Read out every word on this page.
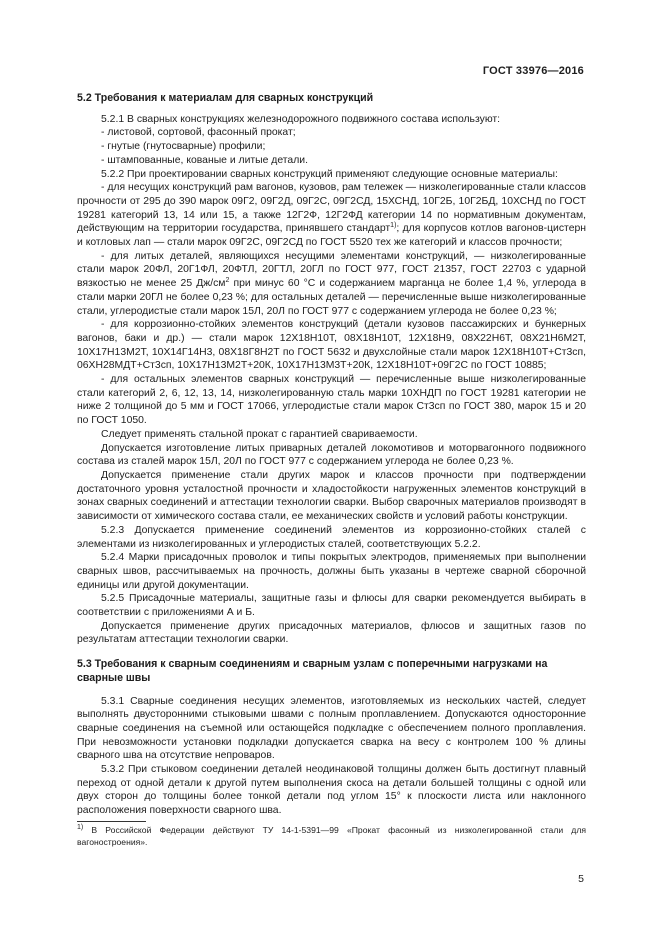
ГОСТ 33976—2016
5.2 Требования к материалам для сварных конструкций

5.2.1 В сварных конструкциях железнодорожного подвижного состава используют:

- листовой, сортовой, фасонный прокат;

- гнутые (гнутосварные) профили;

- штампованные, кованые и литые детали.

5.2.2 При проектировании сварных конструкций применяют следующие основные материалы:

- для несущих конструкций рам вагонов, кузовов, рам тележек — низколегированные стали классов прочности от 295 до 390 марок 09Г2, 09Г2Д, 09Г2С, 09Г2СД, 15ХСНД, 10Г2Б, 10Г2БД, 10ХСНД по ГОСТ 19281 категорий 13, 14 или 15, а также 12Г2Ф, 12Г2ФД категории 14 по нормативным документам, действующим на территории государства, принявшего стандарт$^{1)}$; для корпусов котлов вагонов-цистерн и котловых лап — стали марок 09Г2С, 09Г2СД по ГОСТ 5520 тех же категорий и классов прочности;

- для литых деталей, являющихся несущими элементами конструкций, — низколегированные стали марок 20ФЛ, 20Г1ФЛ, 20ФТЛ, 20ГТЛ, 20ГЛ по ГОСТ 977, ГОСТ 21357, ГОСТ 22703 с ударной вязкостью не менее 25 $Дж/см^2$ при минус 60 °С и содержанием марганца не более 1,4 %, углерода в стали марки 20ГЛ не более 0,23 %; для остальных деталей — перечисленные выше низколегированные стали, углеродистые стали марок 15Л, 20Л по ГОСТ 977 с содержанием углерода не более 0,23 %;

- для коррозионно-стойких элементов конструкций (детали кузовов пассажирских и бункерных вагонов, баки и др.) — стали марок 12Х18Н10Т, 08Х18Н10Т, 12Х18Н9, 08Х22Н6Т, 08Х21Н6М2Т, 10Х17Н13М2Т, 10Х14Г14Н3, 08Х18Г8Н2Т по ГОСТ 5632 и двухслойные стали марок 12Х18Н10Т+Ст3сп, 06ХН28МДТ+Ст3сп, 10Х17Н13М2Т+20К, 10Х17Н13М3Т+20К, 12Х18Н10Т+09Г2С по ГОСТ 10885;

- для остальных элементов сварных конструкций — перечисленные выше низколегированные стали категорий 2, 6, 12, 13, 14, низколегированную сталь марки 10ХНДП по ГОСТ 19281 категории не ниже 2 толщиной до 5 мм и ГОСТ 17066, углеродистые стали марок Ст3сп по ГОСТ 380, марок 15 и 20 по ГОСТ 1050.

Следует применять стальной прокат с гарантией свариваемости.

Допускается изготовление литых приварных деталей локомотивов и моторвагонного подвижного состава из сталей марок 15Л, 20Л по ГОСТ 977 с содержанием углерода не более 0,23 %.

Допускается применение стали других марок и классов прочности при подтверждении достаточного уровня усталостной прочности и хладостойкости нагруженных элементов конструкций в зонах сварных соединений и аттестации технологии сварки. Выбор сварочных материалов производят в зависимости от химического состава стали, ее механических свойств и условий работы конструкции.

5.2.3 Допускается применение соединений элементов из коррозионно-стойких сталей с элементами из низколегированных и углеродистых сталей, соответствующих 5.2.2.

5.2.4 Марки присадочных проволок и типы покрытых электродов, применяемых при выполнении сварных швов, рассчитываемых на прочность, должны быть указаны в чертеже сварной сборочной единицы или другой документации.

5.2.5 Присадочные материалы, защитные газы и флюсы для сварки рекомендуется выбирать в соответствии с приложениями А и Б.

Допускается применение других присадочных материалов, флюсов и защитных газов по результатам аттестации технологии сварки.

5.3 Требования к сварным соединениям и сварным узлам с поперечными нагрузками на сварные швы

5.3.1 Сварные соединения несущих элементов, изготовляемых из нескольких частей, следует выполнять двусторонними стыковыми швами с полным проплавлением. Допускаются односторонние сварные соединения на съемной или остающейся подкладке с обеспечением полного проплавления. При невозможности установки подкладки допускается сварка на весу с контролем 100 % длины сварного шва на отсутствие непроваров.

5.3.2 При стыковом соединении деталей неодинаковой толщины должен быть достигнут плавный переход от одной детали к другой путем выполнения скоса на детали большей толщины с одной или двух сторон до толщины более тонкой детали под углом 15° к плоскости листа или наклонного расположения поверхности сварного шва.

$^{1)}$ В Российской Федерации действуют ТУ 14-1-5391—99 «Прокат фасонный из низколегированной стали для вагоностроения».
5
